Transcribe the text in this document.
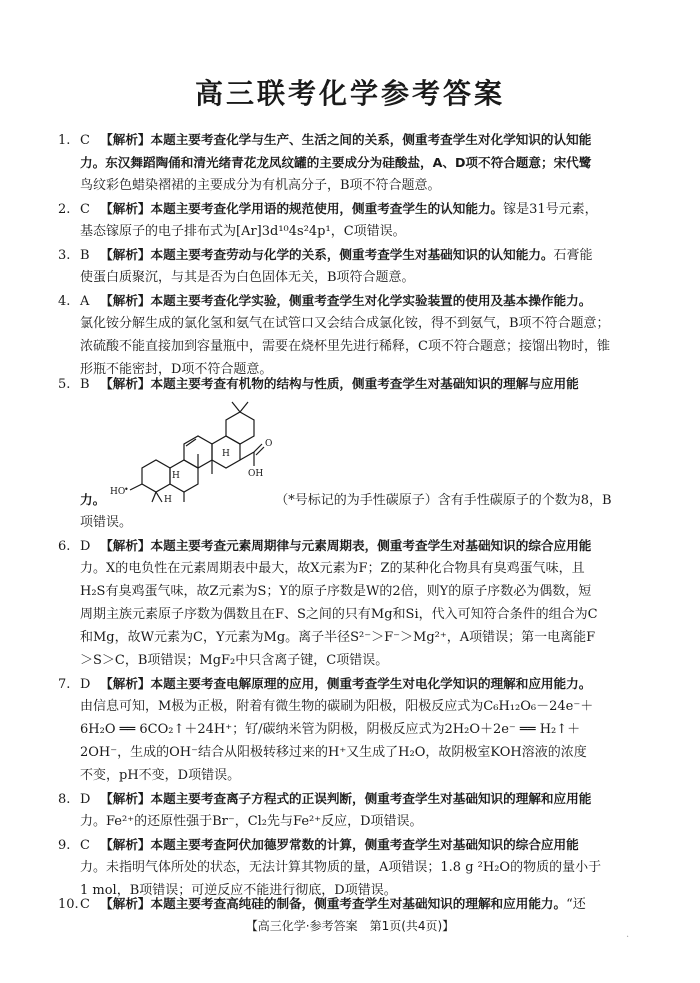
高三联考化学参考答案
1. C 【解析】本题主要考查化学与生产、生活之间的关系，侧重考查学生对化学知识的认知能
力。东汉舞蹈陶俑和清光绪青花龙凤纹罐的主要成分为硅酸盐，A、D项不符合题意；宋代鹭
鸟纹彩色蜡染褶裙的主要成分为有机高分子，B项不符合题意。
2. C 【解析】本题主要考查化学用语的规范使用，侧重考查学生的认知能力。镓是31号元素，
基态镓原子的电子排布式为[Ar]3d¹⁰4s²4p¹，C项错误。
3. B 【解析】本题主要考查劳动与化学的关系，侧重考查学生对基础知识的认知能力。石膏能
使蛋白质聚沉，与其是否为白色固体无关，B项符合题意。
4. A 【解析】本题主要考查化学实验，侧重考查学生对化学实验装置的使用及基本操作能力。
氯化铵分解生成的氯化氢和氨气在试管口又会结合成氯化铵，得不到氨气，B项不符合题意；
浓硫酸不能直接加到容量瓶中，需要在烧杯里先进行稀释，C项不符合题意；接馏出物时，锥
形瓶不能密封，D项不符合题意。
5. B 【解析】本题主要考查有机物的结构与性质，侧重考查学生对基础知识的理解与应用能
O
OH
HO
H
H
H
•
力。	（*号标记的为手性碳原子）含有手性碳原子的个数为8，B
项错误。
6. D 【解析】本题主要考查元素周期律与元素周期表，侧重考查学生对基础知识的综合应用能
力。X的电负性在元素周期表中最大，故X元素为F；Z的某种化合物具有臭鸡蛋气味，且
H₂S有臭鸡蛋气味，故Z元素为S；Y的原子序数是W的2倍，则Y的原子序数必为偶数，短
周期主族元素原子序数为偶数且在F、S之间的只有Mg和Si，代入可知符合条件的组合为C
和Mg，故W元素为C，Y元素为Mg。离子半径S²⁻＞F⁻＞Mg²⁺，A项错误；第一电离能F
＞S＞C，B项错误；MgF₂中只含离子键，C项错误。
7. D 【解析】本题主要考查电解原理的应用，侧重考查学生对电化学知识的理解和应用能力。
由信息可知，M极为正极，附着有微生物的碳刷为阳极，阳极反应式为C₆H₁₂O₆－24e⁻＋
6H₂O ══ 6CO₂↑＋24H⁺；钌/碳纳米管为阴极，阴极反应式为2H₂O＋2e⁻ ══ H₂↑＋
2OH⁻，生成的OH⁻结合从阳极转移过来的H⁺又生成了H₂O，故阴极室KOH溶液的浓度
不变，pH不变，D项错误。
8. D 【解析】本题主要考查离子方程式的正误判断，侧重考查学生对基础知识的理解和应用能
力。Fe²⁺的还原性强于Br⁻，Cl₂先与Fe²⁺反应，D项错误。
9. C 【解析】本题主要考查阿伏加德罗常数的计算，侧重考查学生对基础知识的综合应用能
力。未指明气体所处的状态，无法计算其物质的量，A项错误；1.8 g ²H₂O的物质的量小于
1 mol，B项错误；可逆反应不能进行彻底，D项错误。
10.C 【解析】本题主要考查高纯硅的制备，侧重考查学生对基础知识的理解和应用能力。“还
【高三化学·参考答案　第1页(共4页)】
·
